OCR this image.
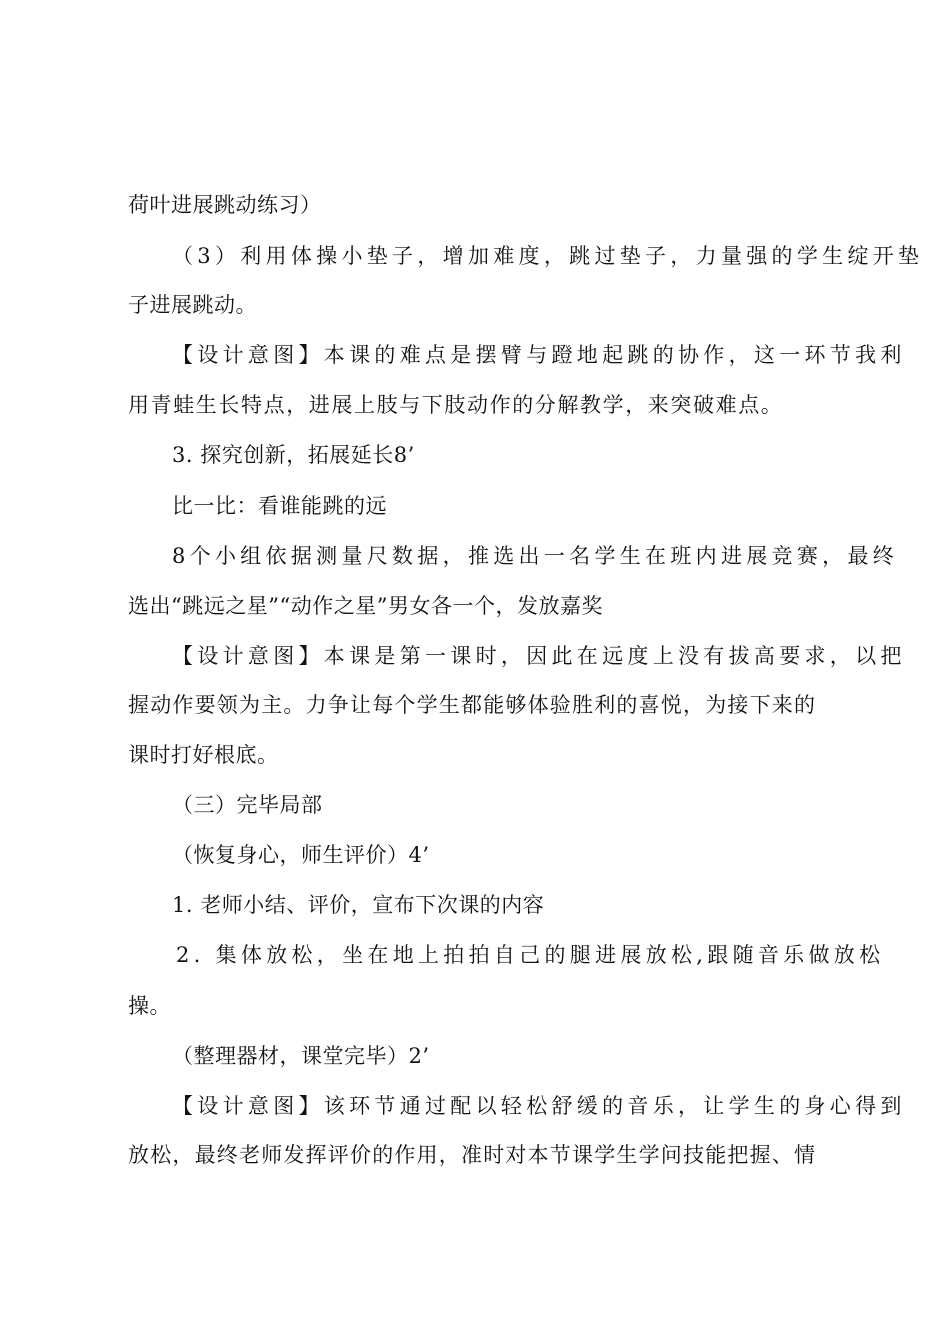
荷叶进展跳动练习）
（3）利用体操小垫子，增加难度，跳过垫子，力量强的学生绽开垫
子进展跳动。
【设计意图】本课的难点是摆臂与蹬地起跳的协作，这一环节我利
用青蛙生长特点，进展上肢与下肢动作的分解教学，来突破难点。
3. 探究创新，拓展延长8’
比一比：看谁能跳的远
8个小组依据测量尺数据，推选出一名学生在班内进展竞赛，最终
选出“跳远之星”“动作之星”男女各一个，发放嘉奖
【设计意图】本课是第一课时，因此在远度上没有拔高要求，以把
握动作要领为主。力争让每个学生都能够体验胜利的喜悦，为接下来的
课时打好根底。
（三）完毕局部
（恢复身心，师生评价）4’
1. 老师小结、评价，宣布下次课的内容
2. 集体放松，坐在地上拍拍自己的腿进展放松,跟随音乐做放松
操。
（整理器材，课堂完毕）2’
【设计意图】该环节通过配以轻松舒缓的音乐，让学生的身心得到
放松，最终老师发挥评价的作用，准时对本节课学生学问技能把握、情
